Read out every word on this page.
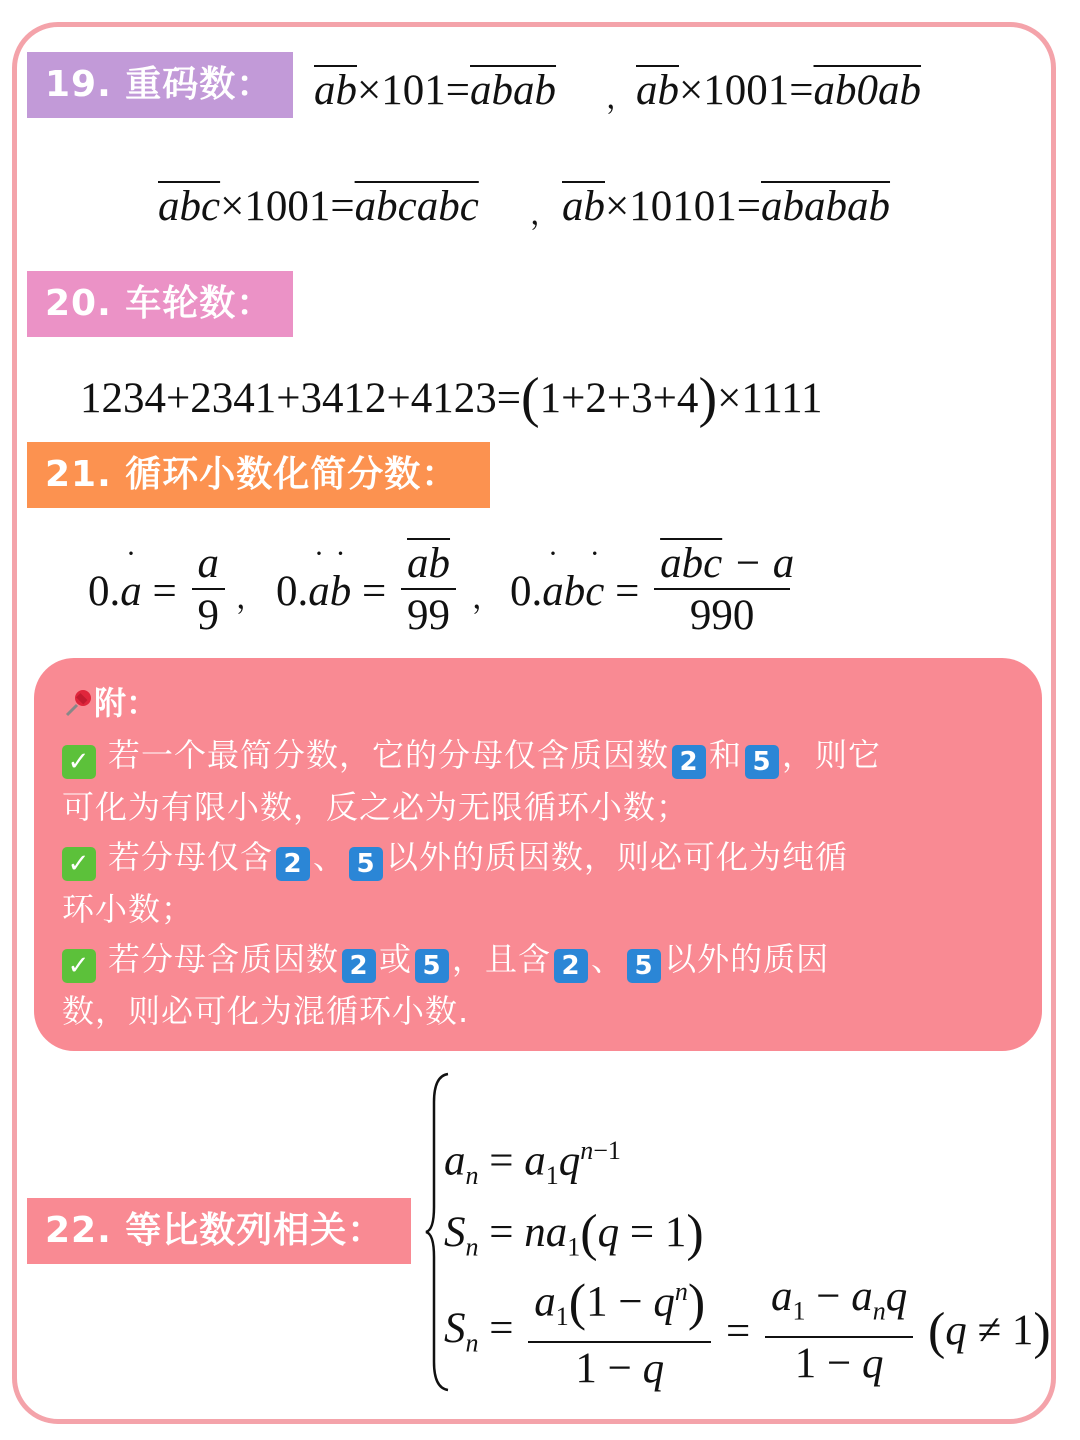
19. 重码数： $\overline{ab}\times 101=abab$	， $\overline{ab}\times 1001=ab0ab$
$\overline{abc}\times 1001=abcabc$	， $\overline{ab}\times 10101=ababab$
20. 车轮数：
1234+2341+3412+4123=(1+2+3+4)×1111
21. 循环小数化简分数：
$0.\cdot a = \frac{a}{9}$ ， $0.\cdot a\cdot b = \frac{\overline{ab}}{99}$ ， $0.\cdot ab\cdot c = \frac{\overline{abc} - a}{990}$
附：
✓ 若一个最简分数，它的分母仅含质因数 2 和 5 ，则它
可化为有限小数，反之必为无限循环小数；
✓ 若分母仅含 2 、 5 以外的质因数，则必可化为纯循
环小数；
✓ 若分母含质因数 2 或 5 ，且含 2 、 5 以外的质因
数，则必可化为混循环小数.
22. 等比数列相关：
$a_n = a_1q^{n-1}$
$S_n = na_1(q = 1)$
$S_n = \frac{a_1(1 - q^n)}{1 - q} = \frac{a_1 - a_nq}{1 - q} (q \ne 1)$
